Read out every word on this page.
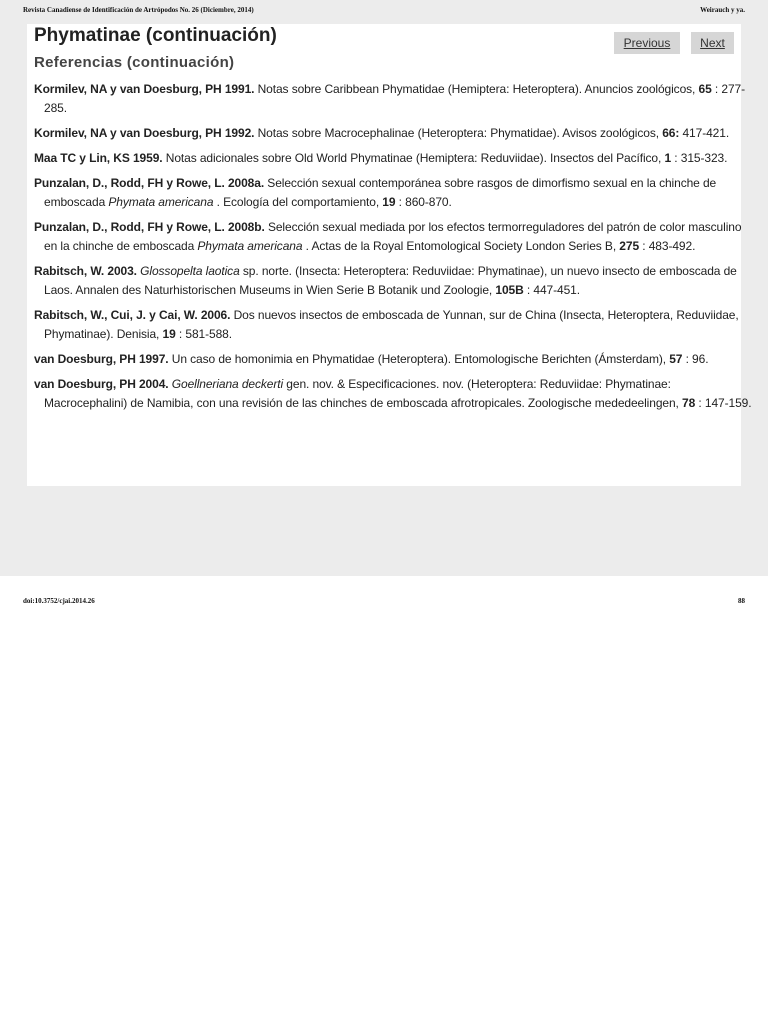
Revista Canadiense de Identificación de Artrópodos No. 26 (Diciembre, 2014)	Weirauch y ya.
Phymatinae (continuación)
Referencias (continuación)
Previous	Next

Kormilev, NA y van Doesburg, PH 1991. Notas sobre Caribbean Phymatidae (Hemiptera: Heteroptera). Anuncios zoológicos, 65 : 277-285.

Kormilev, NA y van Doesburg, PH 1992. Notas sobre Macrocephalinae (Heteroptera: Phymatidae). Avisos zoológicos, 66: 417-421.

Maa TC y Lin, KS 1959. Notas adicionales sobre Old World Phymatinae (Hemiptera: Reduviidae). Insectos del Pacífico, 1 : 315-323.

Punzalan, D., Rodd, FH y Rowe, L. 2008a. Selección sexual contemporánea sobre rasgos de dimorfismo sexual en la chinche de emboscada Phymata americana . Ecología del comportamiento, 19 : 860-870.

Punzalan, D., Rodd, FH y Rowe, L. 2008b. Selección sexual mediada por los efectos termorreguladores del patrón de color masculino en la chinche de emboscada Phymata americana . Actas de la Royal Entomological Society London Series B, 275 : 483-492.

Rabitsch, W. 2003. Glossopelta laotica sp. norte. (Insecta: Heteroptera: Reduviidae: Phymatinae), un nuevo insecto de emboscada de Laos. Annalen des Naturhistorischen Museums in Wien Serie B Botanik und Zoologie, 105B : 447-451.

Rabitsch, W., Cui, J. y Cai, W. 2006. Dos nuevos insectos de emboscada de Yunnan, sur de China (Insecta, Heteroptera, Reduviidae, Phymatinae). Denisia, 19 : 581-588.

van Doesburg, PH 1997. Un caso de homonimia en Phymatidae (Heteroptera). Entomologische Berichten (Ámsterdam), 57 : 96.

van Doesburg, PH 2004. Goellneriana deckerti gen. nov. & Especificaciones. nov. (Heteroptera: Reduviidae: Phymatinae: Macrocephalini) de Namibia, con una revisión de las chinches de emboscada afrotropicales. Zoologische mededeelingen, 78 : 147-159.

doi:10.3752/cjai.2014.26	88
